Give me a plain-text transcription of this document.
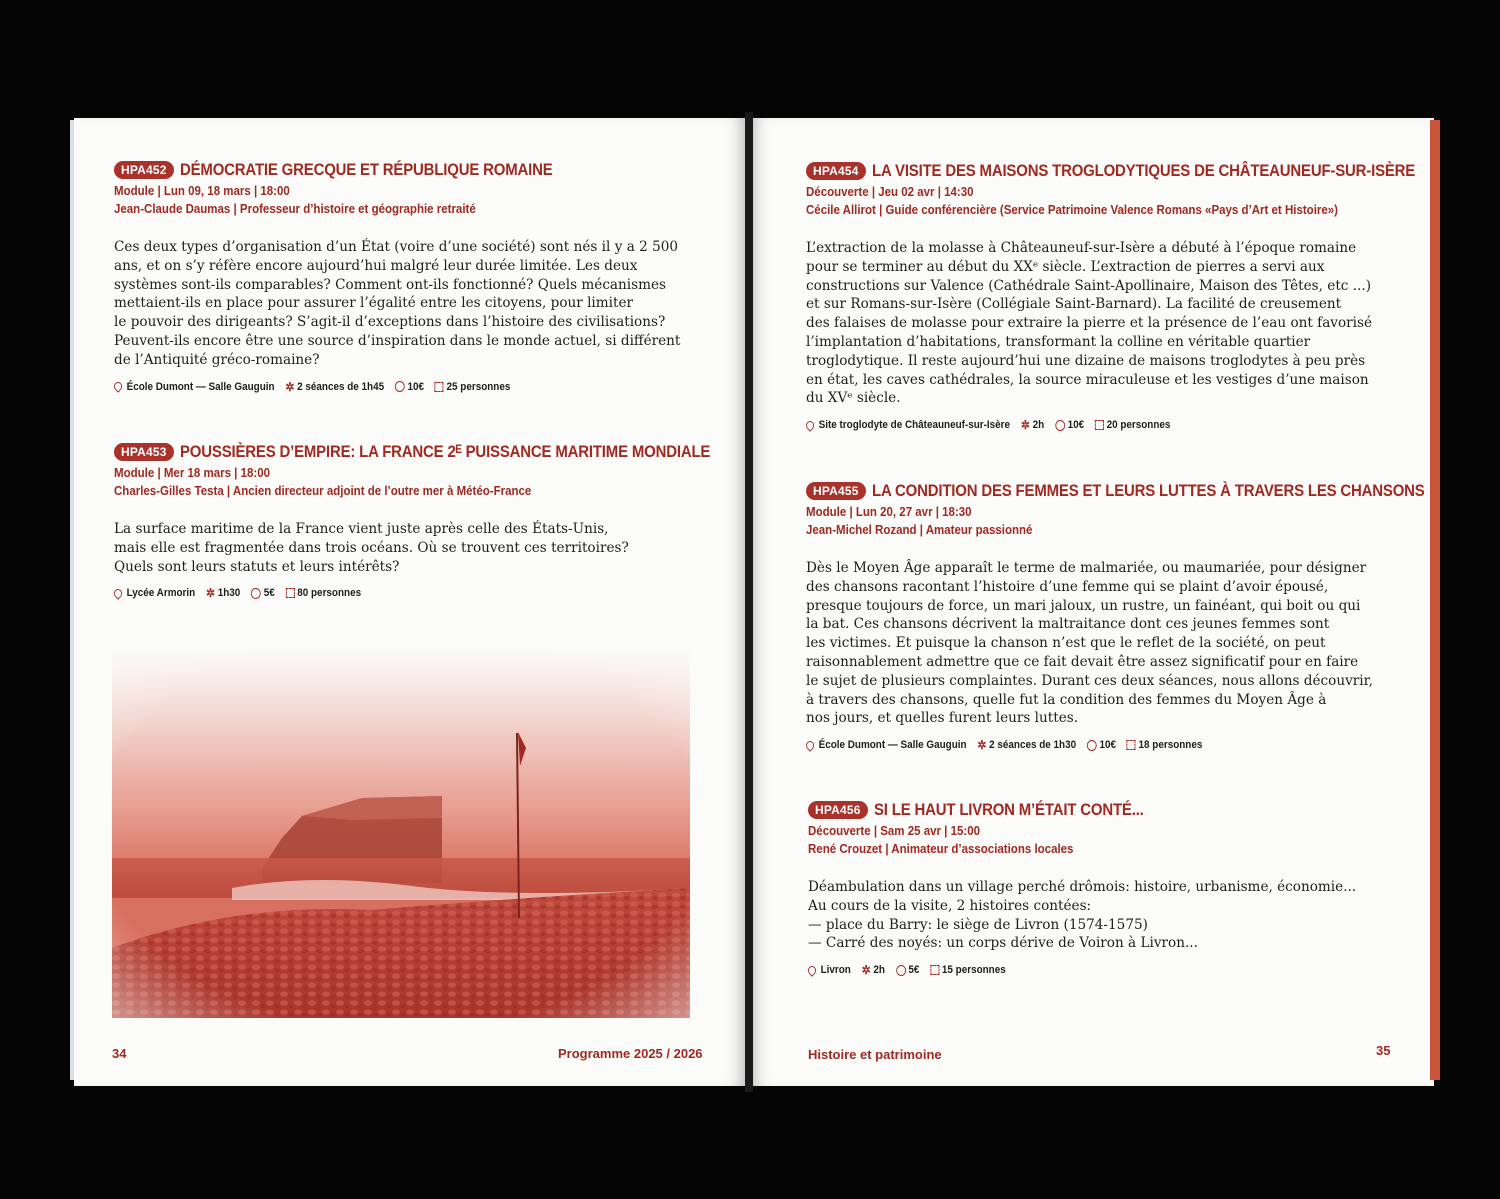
HPA452 DÉMOCRATIE GRECQUE ET RÉPUBLIQUE ROMAINE
Module | Lun 09, 18 mars | 18:00
Jean-Claude Daumas | Professeur d’histoire et géographie retraité

Ces deux types d’organisation d’un État (voire d’une société) sont nés il y a 2 500

ans, et on s’y réfère encore aujourd’hui malgré leur durée limitée. Les deux

systèmes sont-ils comparables? Comment ont-ils fonctionné? Quels mécanismes

mettaient-ils en place pour assurer l’égalité entre les citoyens, pour limiter

le pouvoir des dirigeants? S’agit-il d’exceptions dans l’histoire des civilisations?

Peuvent-ils encore être une source d’inspiration dans le monde actuel, si différent

de l’Antiquité gréco-romaine?

École Dumont — Salle Gauguin ✲ 2 séances de 1h45 10€ 25 personnes
HPA453 POUSSIÈRES D’EMPIRE: LA FRANCE 2ᴱ PUISSANCE MARITIME MONDIALE
Module | Mer 18 mars | 18:00
Charles-Gilles Testa | Ancien directeur adjoint de l’outre mer à Météo-France

La surface maritime de la France vient juste après celle des États-Unis,

mais elle est fragmentée dans trois océans. Où se trouvent ces territoires?

Quels sont leurs statuts et leurs intérêts?

Lycée Armorin ✲ 1h30 5€ 80 personnes
HPA454 LA VISITE DES MAISONS TROGLODYTIQUES DE CHÂTEAUNEUF-SUR-ISÈRE
Découverte | Jeu 02 avr | 14:30
Cécile Allirot | Guide conférencière (Service Patrimoine Valence Romans «Pays d’Art et Histoire»)

L’extraction de la molasse à Châteauneuf-sur-Isère a débuté à l’époque romaine

pour se terminer au début du XXᵉ siècle. L’extraction de pierres a servi aux

constructions sur Valence (Cathédrale Saint-Apollinaire, Maison des Têtes, etc ...)

et sur Romans-sur-Isère (Collégiale Saint-Barnard). La facilité de creusement

des falaises de molasse pour extraire la pierre et la présence de l’eau ont favorisé

l’implantation d’habitations, transformant la colline en véritable quartier

troglodytique. Il reste aujourd’hui une dizaine de maisons troglodytes à peu près

en état, les caves cathédrales, la source miraculeuse et les vestiges d’une maison

du XVᵉ siècle.

Site troglodyte de Châteauneuf-sur-Isère ✲ 2h 10€ 20 personnes
HPA455 LA CONDITION DES FEMMES ET LEURS LUTTES À TRAVERS LES CHANSONS
Module | Lun 20, 27 avr | 18:30
Jean-Michel Rozand | Amateur passionné

Dès le Moyen Âge apparaît le terme de malmariée, ou maumariée, pour désigner

des chansons racontant l’histoire d’une femme qui se plaint d’avoir épousé,

presque toujours de force, un mari jaloux, un rustre, un fainéant, qui boit ou qui

la bat. Ces chansons décrivent la maltraitance dont ces jeunes femmes sont

les victimes. Et puisque la chanson n’est que le reflet de la société, on peut

raisonnablement admettre que ce fait devait être assez significatif pour en faire

le sujet de plusieurs complaintes. Durant ces deux séances, nous allons découvrir,

à travers des chansons, quelle fut la condition des femmes du Moyen Âge à

nos jours, et quelles furent leurs luttes.

École Dumont — Salle Gauguin ✲ 2 séances de 1h30 10€ 18 personnes
HPA456 SI LE HAUT LIVRON M’ÉTAIT CONTÉ...
Découverte | Sam 25 avr | 15:00
René Crouzet | Animateur d’associations locales

Déambulation dans un village perché drômois: histoire, urbanisme, économie...

Au cours de la visite, 2 histoires contées:

— place du Barry: le siège de Livron (1574-1575)

— Carré des noyés: un corps dérive de Voiron à Livron...

Livron ✲ 2h 5€ 15 personnes
34	Programme 2025 / 2026	Histoire et patrimoine	35
